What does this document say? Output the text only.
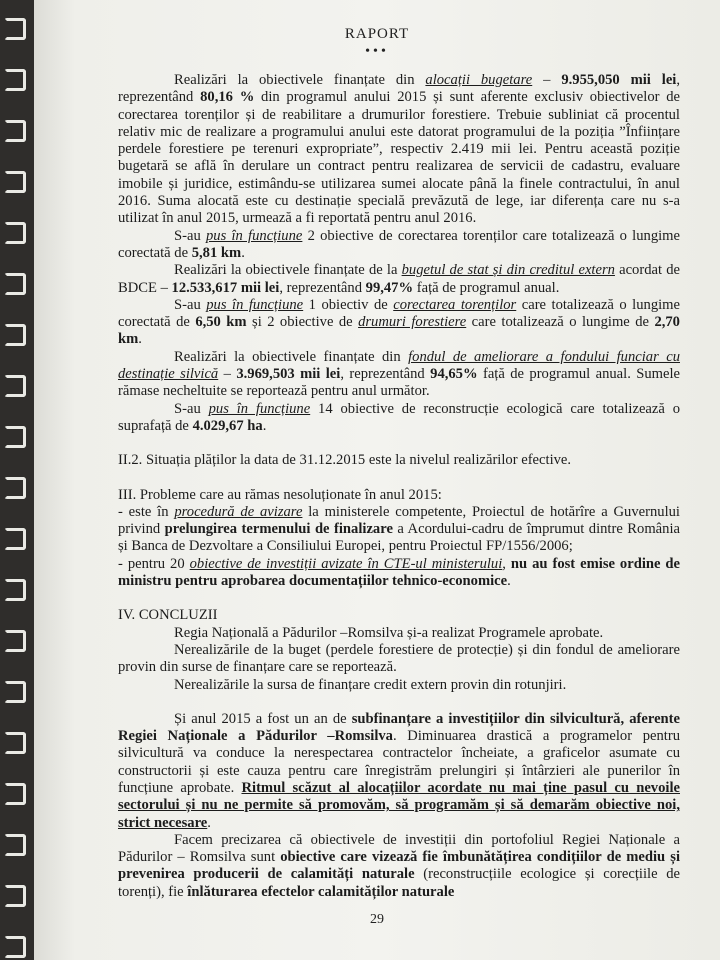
RAPORT
•••

Realizări la obiectivele finanțate din alocații bugetare – 9.955,050 mii lei, reprezentând 80,16 % din programul anului 2015 și sunt aferente exclusiv obiectivelor de corectarea torenților și de reabilitare a drumurilor forestiere. Trebuie subliniat că procentul relativ mic de realizare a programului anului este datorat programului de la poziția ”Înființare perdele forestiere pe terenuri expropriate”, respectiv 2.419 mii lei. Pentru această poziție bugetară se află în derulare un contract pentru realizarea de servicii de cadastru, evaluare imobile și juridice, estimându-se utilizarea sumei alocate până la finele contractului, în anul 2016. Suma alocată este cu destinație specială prevăzută de lege, iar diferența care nu s-a utilizat în anul 2015, urmează a fi reportată pentru anul 2016.

S-au pus în funcțiune 2 obiective de corectarea torenților care totalizează o lungime corectată de 5,81 km.

Realizări la obiectivele finanțate de la bugetul de stat și din creditul extern acordat de BDCE – 12.533,617 mii lei, reprezentând 99,47% față de programul anual.

S-au pus în funcțiune 1 obiectiv de corectarea torenților care totalizează o lungime corectată de 6,50 km și 2 obiective de drumuri forestiere care totalizează o lungime de 2,70 km.

Realizări la obiectivele finanțate din fondul de ameliorare a fondului funciar cu destinație silvică – 3.969,503 mii lei, reprezentând 94,65% față de programul anual. Sumele rămase necheltuite se reportează pentru anul următor.

S-au pus în funcțiune 14 obiective de reconstrucție ecologică care totalizează o suprafață de 4.029,67 ha.

II.2. Situația plăților la data de 31.12.2015 este la nivelul realizărilor efective.

III. Probleme care au rămas nesoluționate în anul 2015:

- este în procedură de avizare la ministerele competente, Proiectul de hotărîre a Guvernului privind prelungirea termenului de finalizare a Acordului-cadru de împrumut dintre România și Banca de Dezvoltare a Consiliului Europei, pentru Proiectul FP/1556/2006;

- pentru 20 obiective de investiții avizate în CTE-ul ministerului, nu au fost emise ordine de ministru pentru aprobarea documentațiilor tehnico-economice.

IV. CONCLUZII

Regia Națională a Pădurilor –Romsilva și-a realizat Programele aprobate.

Nerealizările de la buget (perdele forestiere de protecție) și din fondul de ameliorare provin din surse de finanțare care se reportează.

Nerealizările la sursa de finanțare credit extern provin din rotunjiri.

Și anul 2015 a fost un an de subfinanțare a investițiilor din silvicultură, aferente Regiei Naționale a Pădurilor –Romsilva. Diminuarea drastică a programelor pentru silvicultură va conduce la nerespectarea contractelor încheiate, a graficelor asumate cu constructorii și este cauza pentru care înregistrăm prelungiri și întârzieri ale punerilor în funcțiune aprobate. Ritmul scăzut al alocațiilor acordate nu mai ține pasul cu nevoile sectorului și nu ne permite să promovăm, să programăm și să demarăm obiective noi, strict necesare.

Facem precizarea că obiectivele de investiții din portofoliul Regiei Naționale a Pădurilor – Romsilva sunt obiective care vizează fie îmbunătățirea condițiilor de mediu și prevenirea producerii de calamități naturale (reconstrucțiile ecologice și corecțiile de torenți), fie înlăturarea efectelor calamităților naturale

29
